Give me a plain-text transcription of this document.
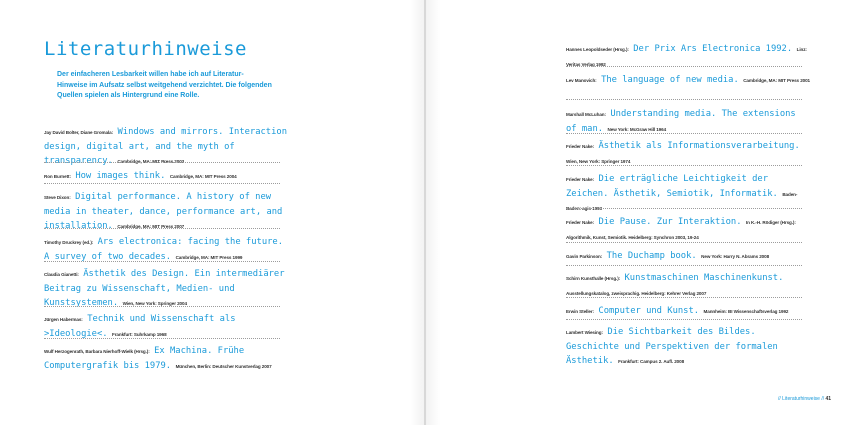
Literaturhinweise

Der einfacheren Lesbarkeit willen habe ich auf Literatur-Hinweise im Aufsatz selbst weitgehend verzichtet. Die folgenden Quellen spielen als Hintergrund eine Rolle.

Jay David Bolter, Diane Gromala: Windows and mirrors. Interaction design, digital art, and the myth of transparency. Cambridge, MA: MIT Press 2003

Ron Burnett: How images think. Cambridge, MA: MIT Press 2004

Steve Dixon: Digital performance. A history of new media in theater, dance, performance art, and installation. Cambridge, MA: MIT Press 2007

Timothy Druckrey (ed.): Ars electronica: facing the future. A survey of two decades. Cambridge, MA: MIT Press 1999

Claudia Gianetti: Ästhetik des Design. Ein intermediärer Beitrag zu Wissenschaft, Medien- und Kunstsystemen. Wien, New York: Springer 2004

Jürgen Habermas: Technik und Wissenschaft als >Ideologie<. Frankfurt: Suhrkamp 1968

Wulf Herzogenrath, Barbara Nierhoff-Wielk (Hrsg.): Ex Machina. Frühe Computergrafik bis 1979. München, Berlin: Deutscher Kunstverlag 2007

Hannes Leopoldseder (Hrsg.): Der Prix Ars Electronica 1992. Linz: Veritas Verlag 1992

Lev Manovich: The language of new media. Cambridge, MA: MIT Press 2001

Marshall McLuhan: Understanding media. The extensions of man. New York: McGraw Hill 1964

Frieder Nake: Ästhetik als Informationsverarbeitung. Wien, New York: Springer 1974

Frieder Nake: Die erträgliche Leichtigkeit der Zeichen. Ästhetik, Semiotik, Informatik. Baden-Baden: agis 1993

Frieder Nake: Die Pause. Zur Interaktion. In K.-H. Rödiger (Hrsg.): Algorithmik, Kunst, Semiotik. Heidelberg: Synchron 2003, 19-24

Gavin Parkinson: The Duchamp book. New York: Harry N. Abrams 2008

Schirn Kunsthalle (Hrsg.): Kunstmaschinen Maschinenkunst. Ausstellungskatalog, zweisprachig. Heidelberg: Kehrer Verlag 2007

Erwin Steller: Computer und Kunst. Mannheim: BI Wissenschaftsverlag 1992

Lambert Wiesing: Die Sichtbarkeit des Bildes. Geschichte und Perspektiven der formalen Ästhetik. Frankfurt: Campus 2. Aufl. 2008

// Literaturhinweise // 41
